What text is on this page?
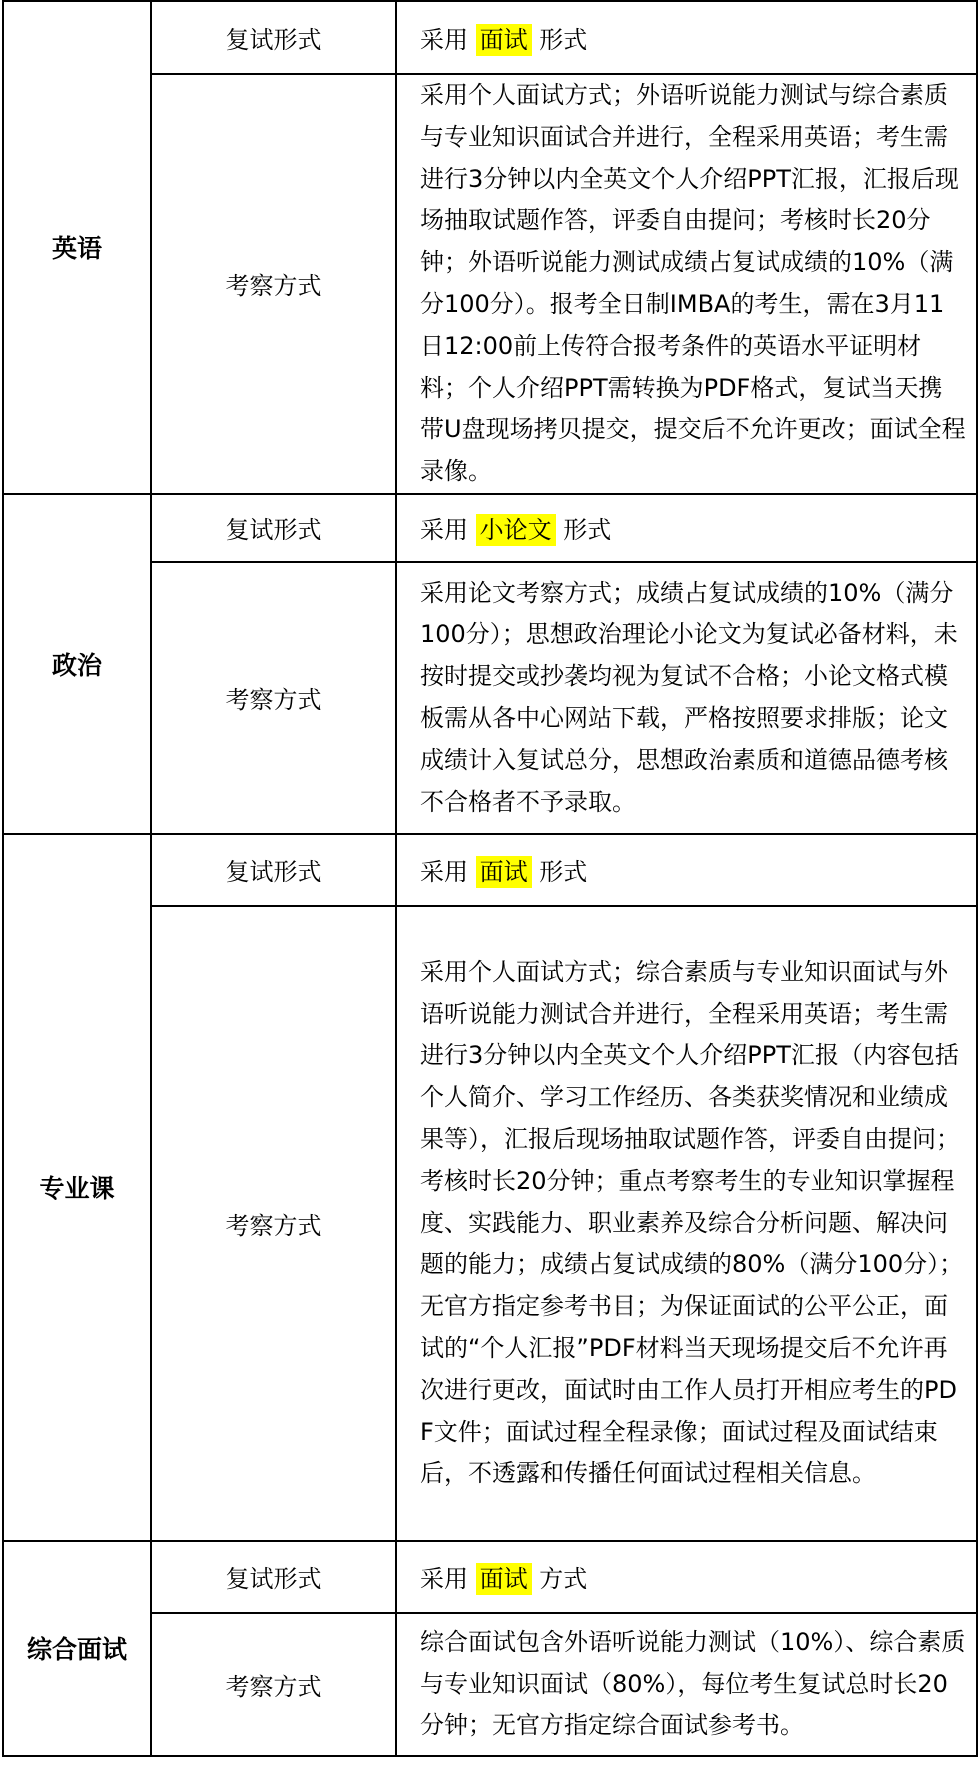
英语	复试形式	采用 面试 形式
	考察方式	采用个人面试方式；外语听说能力测试与综合素质与专业知识面试合并进行，全程采用英语；考生需进行3分钟以内全英文个人介绍PPT汇报，汇报后现场抽取试题作答，评委自由提问；考核时长20分钟；外语听说能力测试成绩占复试成绩的10%（满分100分）。报考全日制IMBA的考生，需在3月11日12:00前上传符合报考条件的英语水平证明材料；个人介绍PPT需转换为PDF格式，复试当天携带U盘现场拷贝提交，提交后不允许更改；面试全程录像。

政治	复试形式	采用 小论文 形式
	考察方式	采用论文考察方式；成绩占复试成绩的10%（满分100分）；思想政治理论小论文为复试必备材料，未按时提交或抄袭均视为复试不合格；小论文格式模板需从各中心网站下载，严格按照要求排版；论文成绩计入复试总分，思想政治素质和道德品德考核不合格者不予录取。

专业课	复试形式	采用 面试 形式
	考察方式	采用个人面试方式；综合素质与专业知识面试与外语听说能力测试合并进行，全程采用英语；考生需进行3分钟以内全英文个人介绍PPT汇报（内容包括个人简介、学习工作经历、各类获奖情况和业绩成果等），汇报后现场抽取试题作答，评委自由提问；考核时长20分钟；重点考察考生的专业知识掌握程度、实践能力、职业素养及综合分析问题、解决问题的能力；成绩占复试成绩的80%（满分100分）；无官方指定参考书目；为保证面试的公平公正，面试的“个人汇报”PDF材料当天现场提交后不允许再次进行更改，面试时由工作人员打开相应考生的PDF文件；面试过程全程录像；面试过程及面试结束后，不透露和传播任何面试过程相关信息。

综合面试	复试形式	采用 面试 方式
	考察方式	综合面试包含外语听说能力测试（10%）、综合素质与专业知识面试（80%），每位考生复试总时长20分钟；无官方指定综合面试参考书。
